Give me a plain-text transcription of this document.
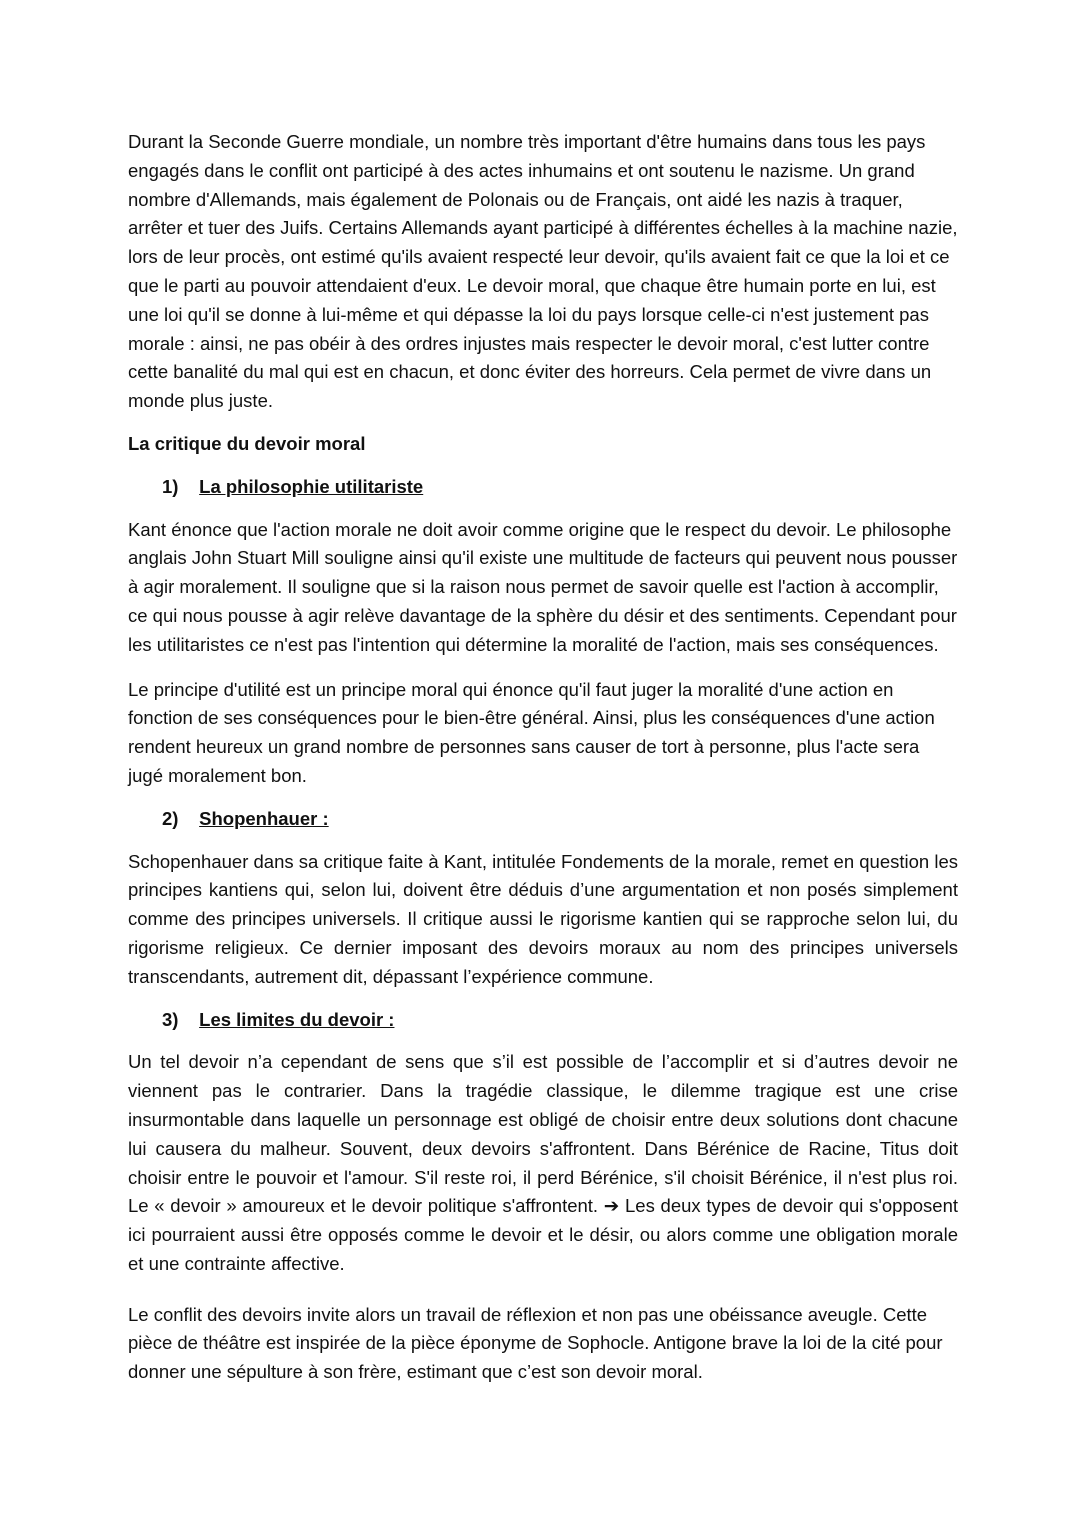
Durant la Seconde Guerre mondiale, un nombre très important d'être humains dans tous les pays engagés dans le conflit ont participé à des actes inhumains et ont soutenu le nazisme. Un grand nombre d'Allemands, mais également de Polonais ou de Français, ont aidé les nazis à traquer, arrêter et tuer des Juifs. Certains Allemands ayant participé à différentes échelles à la machine nazie, lors de leur procès, ont estimé qu'ils avaient respecté leur devoir, qu'ils avaient fait ce que la loi et ce que le parti au pouvoir attendaient d'eux. Le devoir moral, que chaque être humain porte en lui, est une loi qu'il se donne à lui-même et qui dépasse la loi du pays lorsque celle-ci n'est justement pas morale : ainsi, ne pas obéir à des ordres injustes mais respecter le devoir moral, c'est lutter contre cette banalité du mal qui est en chacun, et donc éviter des horreurs. Cela permet de vivre dans un monde plus juste.

La critique du devoir moral

1) La philosophie utilitariste

Kant énonce que l'action morale ne doit avoir comme origine que le respect du devoir. Le philosophe anglais John Stuart Mill souligne ainsi qu'il existe une multitude de facteurs qui peuvent nous pousser à agir moralement. Il souligne que si la raison nous permet de savoir quelle est l'action à accomplir, ce qui nous pousse à agir relève davantage de la sphère du désir et des sentiments. Cependant pour les utilitaristes ce n'est pas l'intention qui détermine la moralité de l'action, mais ses conséquences.

Le principe d'utilité est un principe moral qui énonce qu'il faut juger la moralité d'une action en fonction de ses conséquences pour le bien-être général. Ainsi, plus les conséquences d'une action rendent heureux un grand nombre de personnes sans causer de tort à personne, plus l'acte sera jugé moralement bon.

2) Shopenhauer :

Schopenhauer dans sa critique faite à Kant, intitulée Fondements de la morale, remet en question les principes kantiens qui, selon lui, doivent être déduis d’une argumentation et non posés simplement comme des principes universels. Il critique aussi le rigorisme kantien qui se rapproche selon lui, du rigorisme religieux. Ce dernier imposant des devoirs moraux au nom des principes universels transcendants, autrement dit, dépassant l’expérience commune.

3) Les limites du devoir :

Un tel devoir n’a cependant de sens que s’il est possible de l’accomplir et si d’autres devoir ne viennent pas le contrarier. Dans la tragédie classique, le dilemme tragique est une crise insurmontable dans laquelle un personnage est obligé de choisir entre deux solutions dont chacune lui causera du malheur. Souvent, deux devoirs s'affrontent. Dans Bérénice de Racine, Titus doit choisir entre le pouvoir et l'amour. S'il reste roi, il perd Bérénice, s'il choisit Bérénice, il n'est plus roi. Le « devoir » amoureux et le devoir politique s'affrontent. ➔ Les deux types de devoir qui s'opposent ici pourraient aussi être opposés comme le devoir et le désir, ou alors comme une obligation morale et une contrainte affective.

Le conflit des devoirs invite alors un travail de réflexion et non pas une obéissance aveugle. Cette pièce de théâtre est inspirée de la pièce éponyme de Sophocle. Antigone brave la loi de la cité pour donner une sépulture à son frère, estimant que c’est son devoir moral.
